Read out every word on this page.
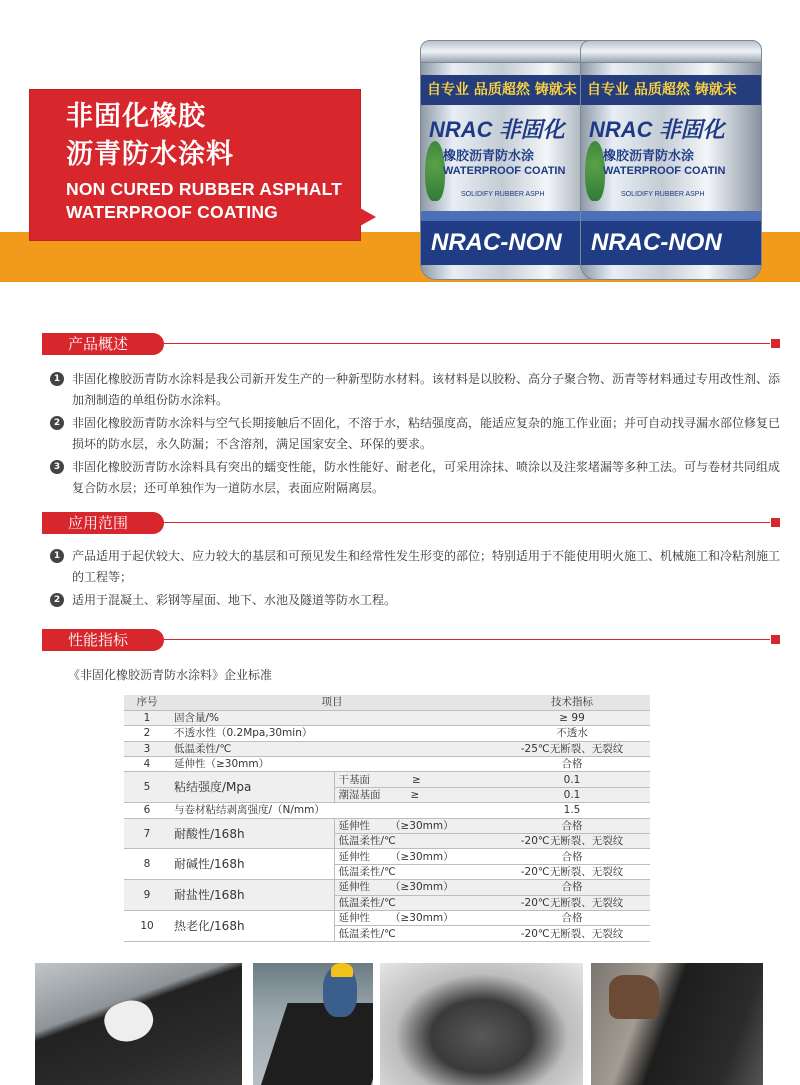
自专业 品质超然 铸就未
NRAC 非固化
橡胶沥青防水涂
WATERPROOF COATIN
SOLIDIFY RUBBER ASPH
NRAC-NON
自专业 品质超然 铸就未
NRAC 非固化
橡胶沥青防水涂
WATERPROOF COATIN
SOLIDIFY RUBBER ASPH
NRAC-NON
非固化橡胶
沥青防水涂料
NON CURED RUBBER ASPHALT
WATERPROOF COATING
产品概述
1 非固化橡胶沥青防水涂料是我公司新开发生产的一种新型防水材料。该材料是以胶粉、高分子聚合物、沥青等材料通过专用改性剂、添加剂制造的单组份防水涂料。
2 非固化橡胶沥青防水涂料与空气长期接触后不固化，不溶于水，粘结强度高，能适应复杂的施工作业面；并可自动找寻漏水部位修复已损坏的防水层，永久防漏；不含溶剂，满足国家安全、环保的要求。
3 非固化橡胶沥青防水涂料具有突出的蠕变性能，防水性能好、耐老化，可采用涂抹、喷涂以及注浆堵漏等多种工法。可与卷材共同组成复合防水层；还可单独作为一道防水层，表面应附隔离层。
应用范围
1 产品适用于起伏较大、应力较大的基层和可预见发生和经常性发生形变的部位；特别适用于不能使用明火施工、机械施工和冷粘剂施工的工程等；
2 适用于混凝土、彩钢等屋面、地下、水池及隧道等防水工程。
性能指标
《非固化橡胶沥青防水涂料》企业标准
序号	项目		技术指标
1	固含量/%		≥ 99
2	不透水性（0.2Mpa,30min）		不透水
3	低温柔性/℃		-25℃无断裂、无裂纹
4	延伸性（≥30mm）		合格
5	粘结强度/Mpa	干基面 ≥	0.1
		潮湿基面 ≥	0.1
6	与卷材粘结剥离强度/（N/mm）		1.5
7	耐酸性/168h	延伸性 （≥30mm）	合格
		低温柔性/℃	-20℃无断裂、无裂纹
8	耐碱性/168h	延伸性 （≥30mm）	合格
		低温柔性/℃	-20℃无断裂、无裂纹
9	耐盐性/168h	延伸性 （≥30mm）	合格
		低温柔性/℃	-20℃无断裂、无裂纹
10	热老化/168h	延伸性 （≥30mm）	合格
		低温柔性/℃	-20℃无断裂、无裂纹
